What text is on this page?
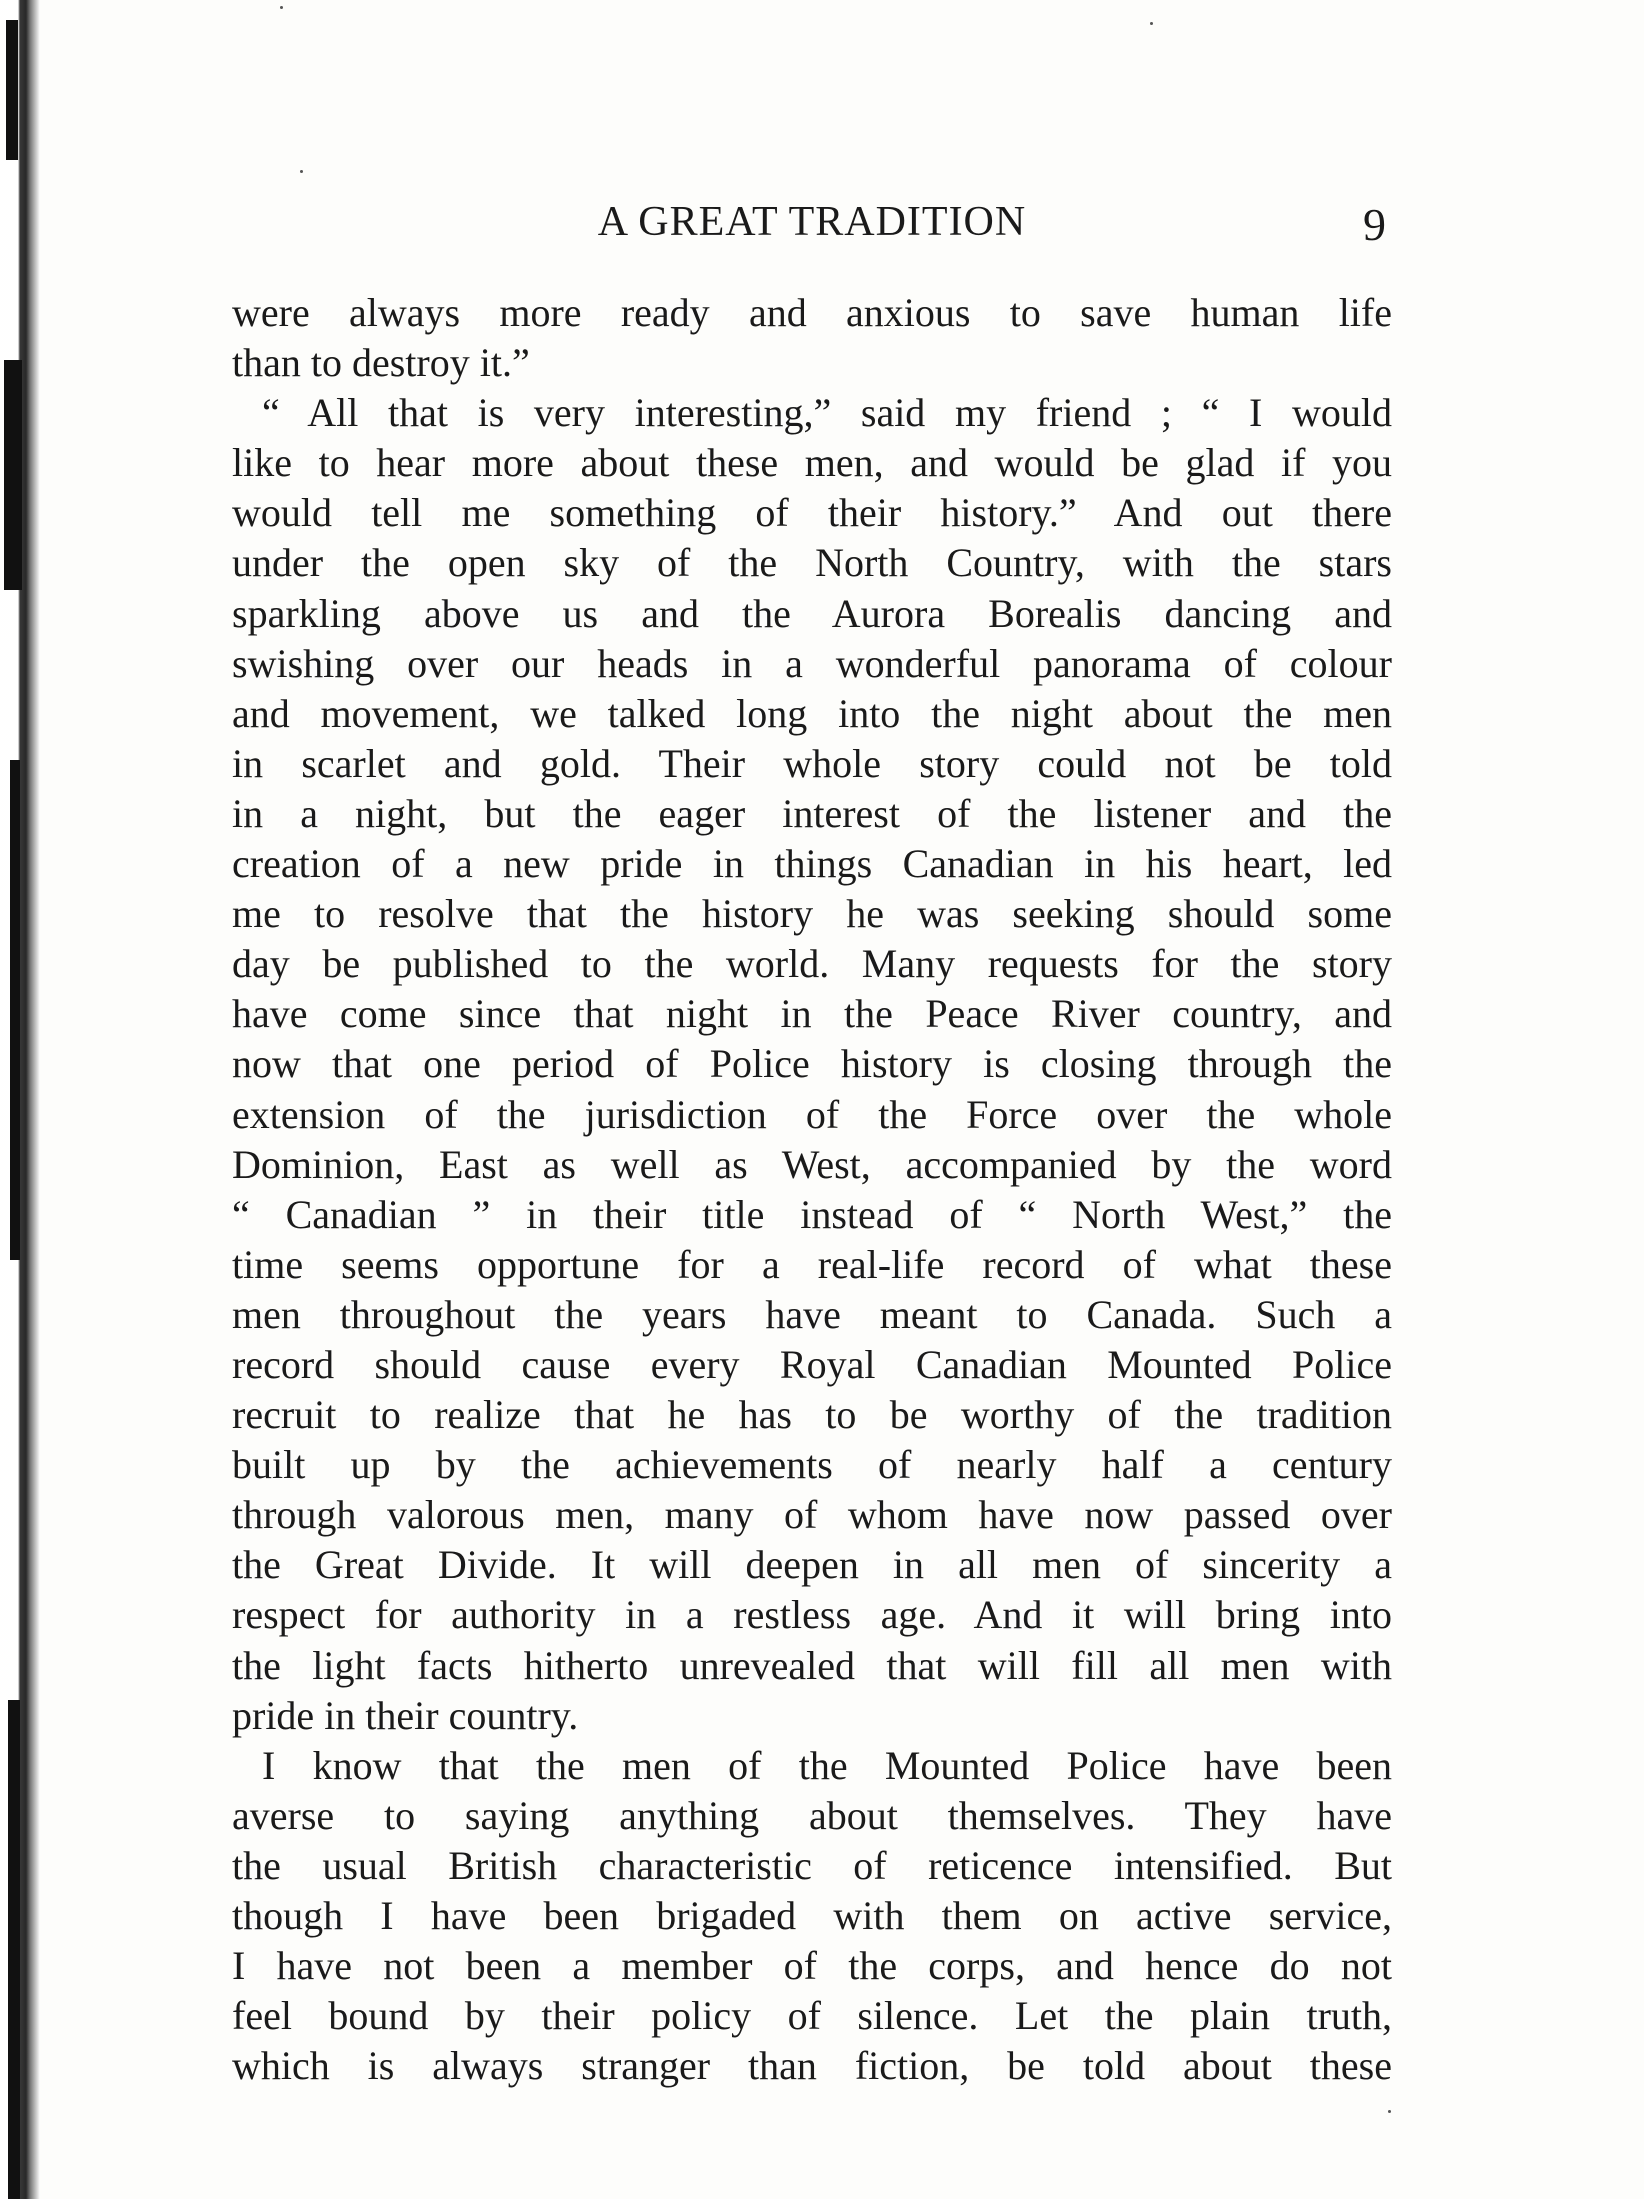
A GREAT TRADITION	9
were always more ready and anxious to save human life
than to destroy it.”
“ All that is very interesting,” said my friend ; “ I would
like to hear more about these men, and would be glad if you
would tell me something of their history.” And out there
under the open sky of the North Country, with the stars
sparkling above us and the Aurora Borealis dancing and
swishing over our heads in a wonderful panorama of colour
and movement, we talked long into the night about the men
in scarlet and gold. Their whole story could not be told
in a night, but the eager interest of the listener and the
creation of a new pride in things Canadian in his heart, led
me to resolve that the history he was seeking should some
day be published to the world. Many requests for the story
have come since that night in the Peace River country, and
now that one period of Police history is closing through the
extension of the jurisdiction of the Force over the whole
Dominion, East as well as West, accompanied by the word
“ Canadian ” in their title instead of “ North West,” the
time seems opportune for a real-life record of what these
men throughout the years have meant to Canada. Such a
record should cause every Royal Canadian Mounted Police
recruit to realize that he has to be worthy of the tradition
built up by the achievements of nearly half a century
through valorous men, many of whom have now passed over
the Great Divide. It will deepen in all men of sincerity a
respect for authority in a restless age. And it will bring into
the light facts hitherto unrevealed that will fill all men with
pride in their country.
I know that the men of the Mounted Police have been
averse to saying anything about themselves. They have
the usual British characteristic of reticence intensified. But
though I have been brigaded with them on active service,
I have not been a member of the corps, and hence do not
feel bound by their policy of silence. Let the plain truth,
which is always stranger than fiction, be told about these
